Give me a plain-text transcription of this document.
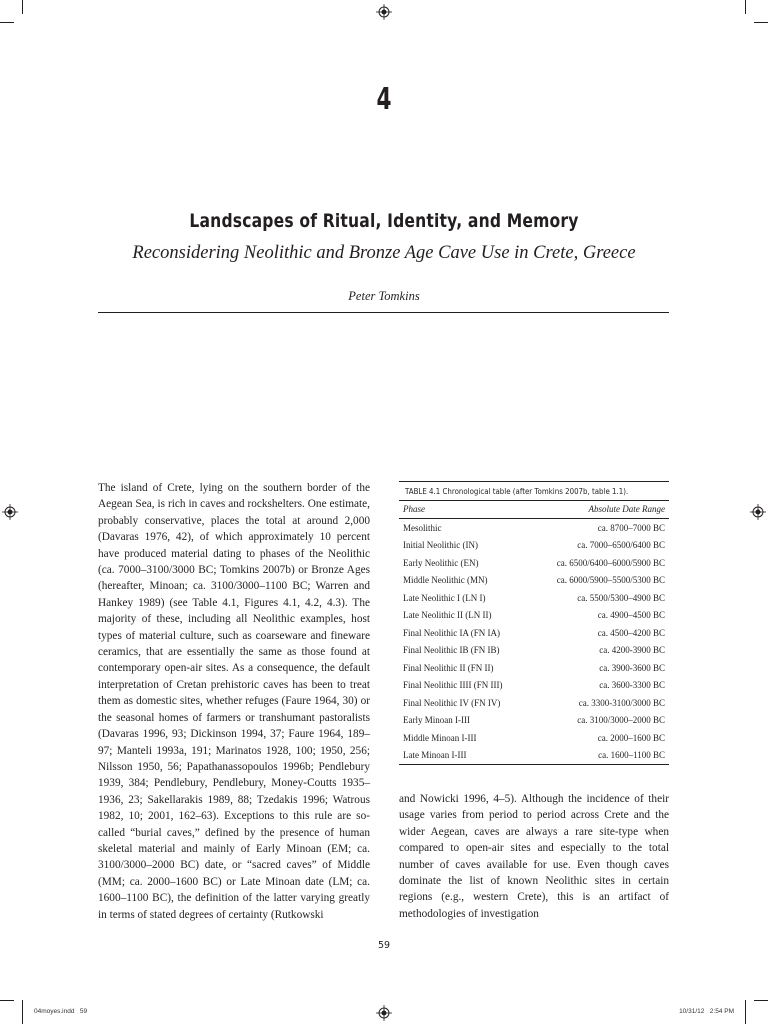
4
Landscapes of Ritual, Identity, and Memory
Reconsidering Neolithic and Bronze Age Cave Use in Crete, Greece
Peter Tomkins

The island of Crete, lying on the southern border of the Aegean Sea, is rich in caves and rockshelters. One estimate, probably conservative, places the total at around 2,000 (Davaras 1976, 42), of which approximately 10 percent have produced material dating to phases of the Neolithic (ca. 7000–3100/3000 BC; Tomkins 2007b) or Bronze Ages (hereafter, Minoan; ca. 3100/3000–1100 BC; Warren and Hankey 1989) (see Table 4.1, Figures 4.1, 4.2, 4.3). The majority of these, including all Neolithic examples, host types of material culture, such as coarseware and fineware ceramics, that are essentially the same as those found at contemporary open-air sites. As a consequence, the default interpretation of Cretan prehistoric caves has been to treat them as domestic sites, whether refuges (Faure 1964, 30) or the seasonal homes of farmers or transhumant pastoralists (Davaras 1996, 93; Dickinson 1994, 37; Faure 1964, 189–97; Manteli 1993a, 191; Marinatos 1928, 100; 1950, 256; Nilsson 1950, 56; Papathanassopoulos 1996b; Pendlebury 1939, 384; Pendlebury, Pendlebury, Money-Coutts 1935–1936, 23; Sakellarakis 1989, 88; Tzedakis 1996; Watrous 1982, 10; 2001, 162–63). Exceptions to this rule are so-called “burial caves,” defined by the presence of human skeletal material and mainly of Early Minoan (EM; ca. 3100/3000–2000 BC) date, or “sacred caves” of Middle (MM; ca. 2000–1600 BC) or Late Minoan date (LM; ca. 1600–1100 BC), the definition of the latter varying greatly in terms of stated degrees of certainty (Rutkowski

TABLE 4.1 Chronological table (after Tomkins 2007b, table 1.1).
Phase	Absolute Date Range
Mesolithic	ca. 8700–7000 BC
Initial Neolithic (IN)	ca. 7000–6500/6400 BC
Early Neolithic (EN)	ca. 6500/6400–6000/5900 BC
Middle Neolithic (MN)	ca. 6000/5900–5500/5300 BC
Late Neolithic I (LN I)	ca. 5500/5300–4900 BC
Late Neolithic II (LN II)	ca. 4900–4500 BC
Final Neolithic IA (FN IA)	ca. 4500–4200 BC
Final Neolithic IB (FN IB)	ca. 4200-3900 BC
Final Neolithic II (FN II)	ca. 3900-3600 BC
Final Neolithic IIII (FN III)	ca. 3600-3300 BC
Final Neolithic IV (FN IV)	ca. 3300-3100/3000 BC
Early Minoan I-III	ca. 3100/3000–2000 BC
Middle Minoan I-III	ca. 2000–1600 BC
Late Minoan I-III	ca. 1600–1100 BC

and Nowicki 1996, 4–5). Although the incidence of their usage varies from period to period across Crete and the wider Aegean, caves are always a rare site-type when compared to open-air sites and especially to the total number of caves available for use. Even though caves dominate the list of known Neolithic sites in certain regions (e.g., western Crete), this is an artifact of methodologies of investigation

59
04moyes.indd   59	10/31/12   2:54 PM
